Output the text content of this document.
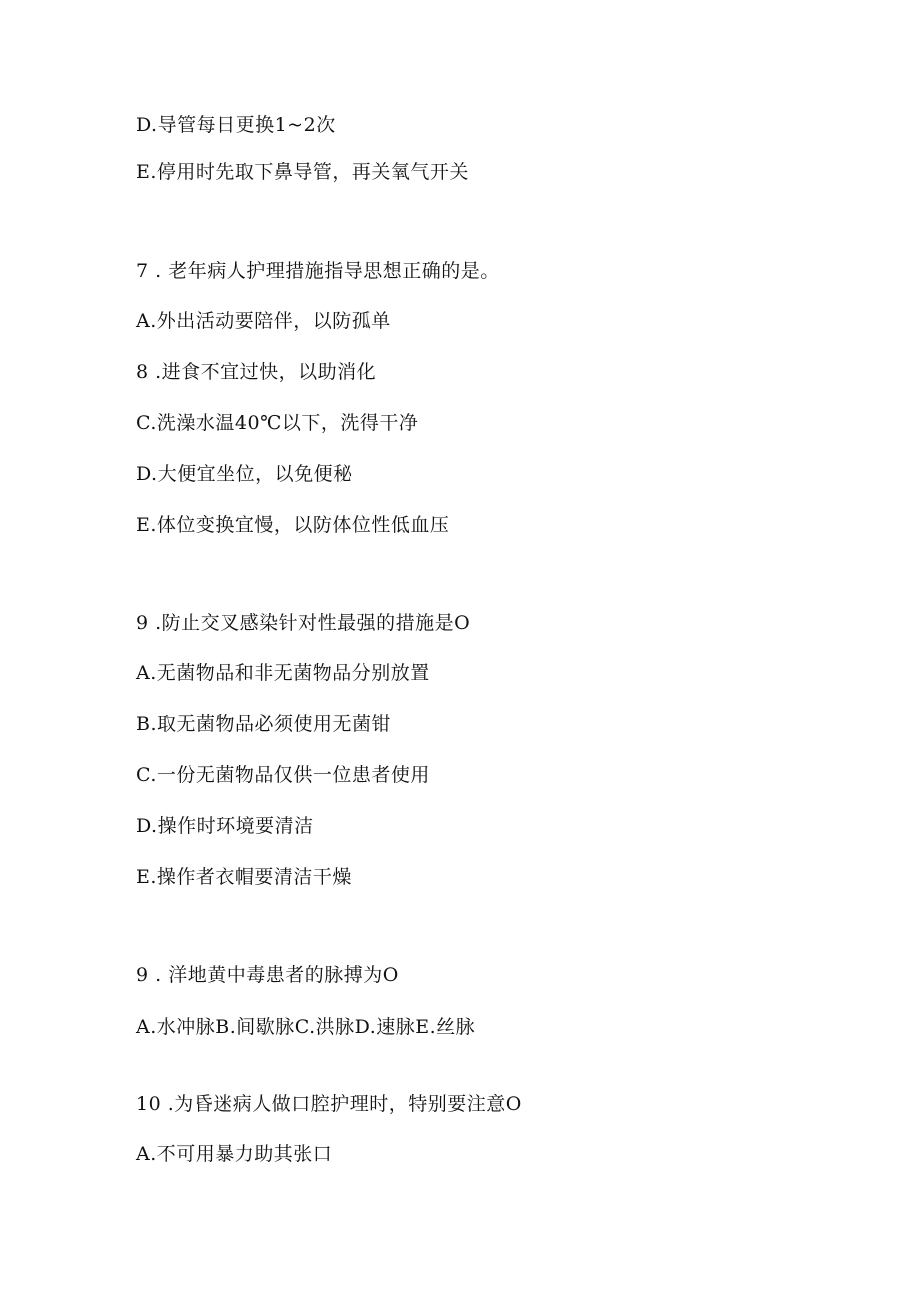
D.导管每日更换1~2次
E.停用时先取下鼻导管，再关氧气开关
7 . 老年病人护理措施指导思想正确的是。
A.外出活动要陪伴，以防孤单
8 .进食不宜过快，以助消化
C.洗澡水温40℃以下，洗得干净
D.大便宜坐位，以免便秘
E.体位变换宜慢，以防体位性低血压
9 .防止交叉感染针对性最强的措施是O
A.无菌物品和非无菌物品分别放置
B.取无菌物品必须使用无菌钳
C.一份无菌物品仅供一位患者使用
D.操作时环境要清洁
E.操作者衣帽要清洁干燥
9 . 洋地黄中毒患者的脉搏为O
A.水冲脉B.间歇脉C.洪脉D.速脉E.丝脉
10 .为昏迷病人做口腔护理时，特别要注意O
A.不可用暴力助其张口
